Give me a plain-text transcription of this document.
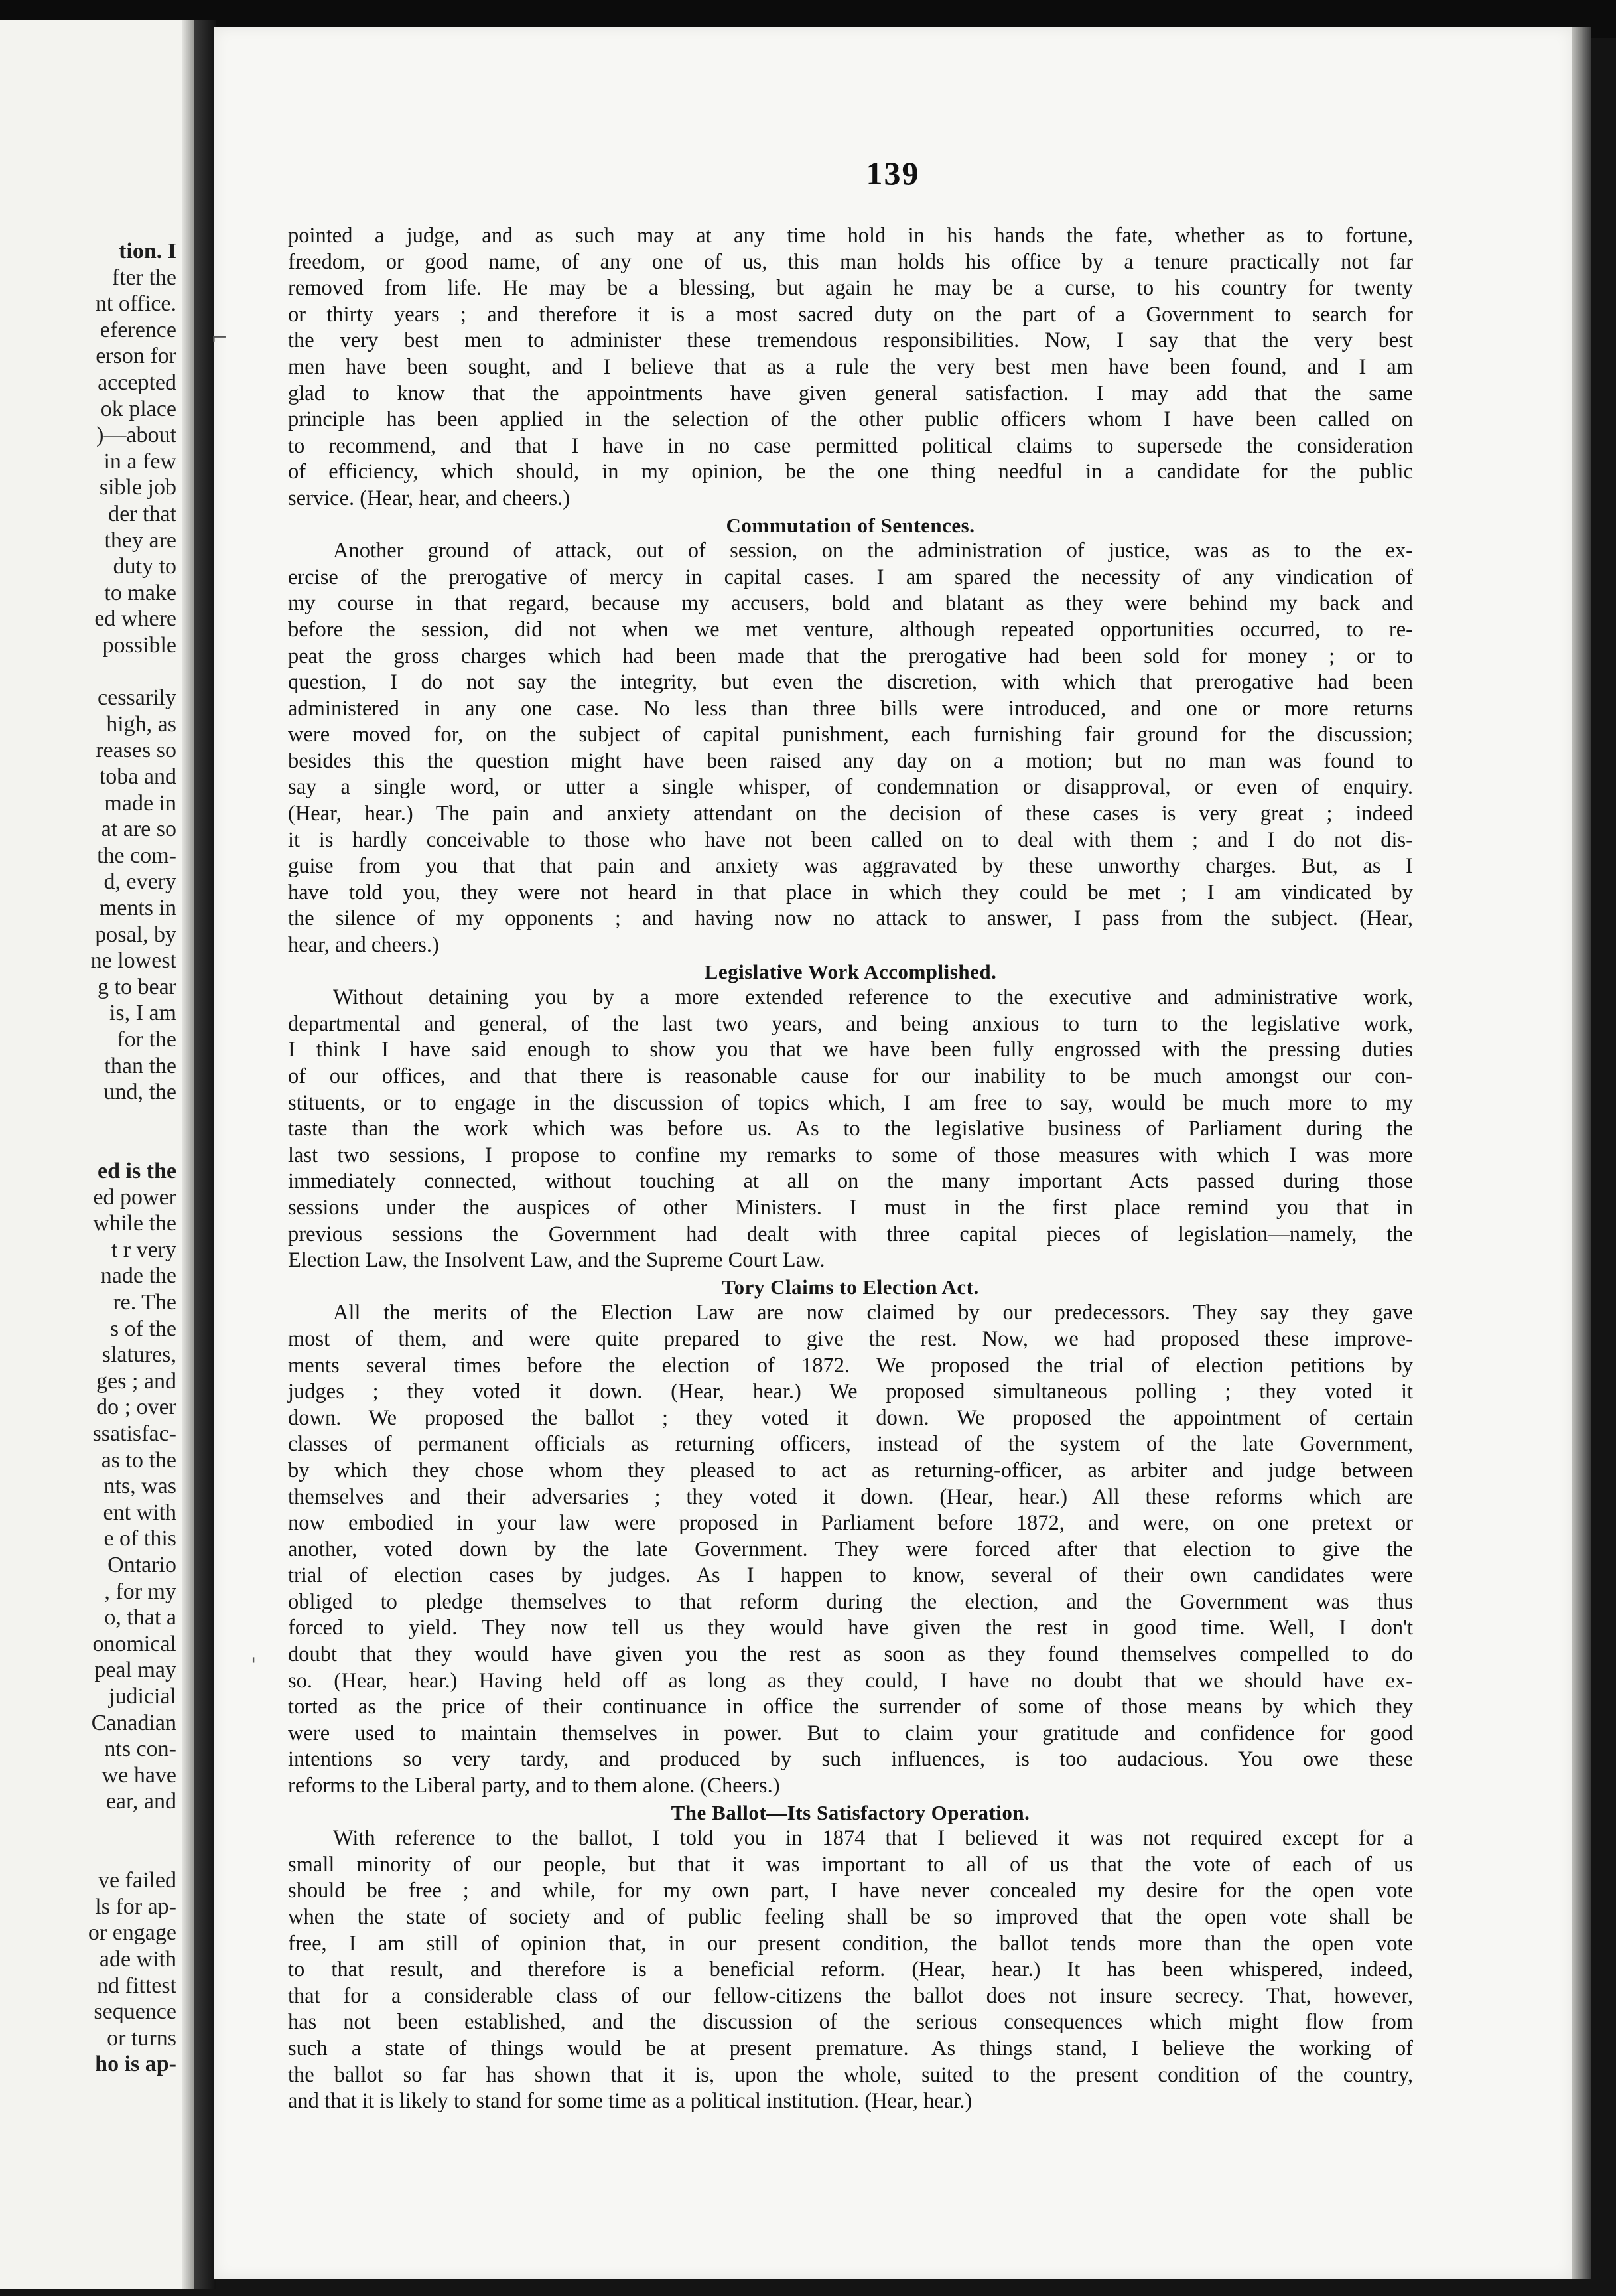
tion. I
fter the
nt office.
eference
erson for
accepted
ok place
)—about
in a few
sible job
der that
they are
duty to
to make
ed where
possible
cessarily
high, as
reases so
toba and
made in
at are so
the com-
d, every
ments in
posal, by
ne lowest
g to bear
is, I am
for the
than the
und, the
ed is the
ed power
while the
t r very
nade the
re. The
s of the
slatures,
ges ; and
do ; over
ssatisfac-
as to the
nts, was
ent with
e of this
Ontario
, for my
o, that a
onomical
peal may
judicial
Canadian
nts con-
we have
ear, and
ve failed
ls for ap-
or engage
ade with
nd fittest
sequence
or turns
ho is ap-
139
pointed a judge, and as such may at any time hold in his hands the fate, whether as to fortune,
freedom, or good name, of any one of us, this man holds his office by a tenure practically not far
removed from life. He may be a blessing, but again he may be a curse, to his country for twenty
or thirty years ; and therefore it is a most sacred duty on the part of a Government to search for
the very best men to administer these tremendous responsibilities. Now, I say that the very best
men have been sought, and I believe that as a rule the very best men have been found, and I am
glad to know that the appointments have given general satisfaction. I may add that the same
principle has been applied in the selection of the other public officers whom I have been called on
to recommend, and that I have in no case permitted political claims to supersede the consideration
of efficiency, which should, in my opinion, be the one thing needful in a candidate for the public
service. (Hear, hear, and cheers.)
Commutation of Sentences.
Another ground of attack, out of session, on the administration of justice, was as to the ex-
ercise of the prerogative of mercy in capital cases. I am spared the necessity of any vindication of
my course in that regard, because my accusers, bold and blatant as they were behind my back and
before the session, did not when we met venture, although repeated opportunities occurred, to re-
peat the gross charges which had been made that the prerogative had been sold for money ; or to
question, I do not say the integrity, but even the discretion, with which that prerogative had been
administered in any one case. No less than three bills were introduced, and one or more returns
were moved for, on the subject of capital punishment, each furnishing fair ground for the discussion;
besides this the question might have been raised any day on a motion; but no man was found to
say a single word, or utter a single whisper, of condemnation or disapproval, or even of enquiry.
(Hear, hear.) The pain and anxiety attendant on the decision of these cases is very great ; indeed
it is hardly conceivable to those who have not been called on to deal with them ; and I do not dis-
guise from you that that pain and anxiety was aggravated by these unworthy charges. But, as I
have told you, they were not heard in that place in which they could be met ; I am vindicated by
the silence of my opponents ; and having now no attack to answer, I pass from the subject. (Hear,
hear, and cheers.)
Legislative Work Accomplished.
Without detaining you by a more extended reference to the executive and administrative work,
departmental and general, of the last two years, and being anxious to turn to the legislative work,
I think I have said enough to show you that we have been fully engrossed with the pressing duties
of our offices, and that there is reasonable cause for our inability to be much amongst our con-
stituents, or to engage in the discussion of topics which, I am free to say, would be much more to my
taste than the work which was before us. As to the legislative business of Parliament during the
last two sessions, I propose to confine my remarks to some of those measures with which I was more
immediately connected, without touching at all on the many important Acts passed during those
sessions under the auspices of other Ministers. I must in the first place remind you that in
previous sessions the Government had dealt with three capital pieces of legislation—namely, the
Election Law, the Insolvent Law, and the Supreme Court Law.
Tory Claims to Election Act.
All the merits of the Election Law are now claimed by our predecessors. They say they gave
most of them, and were quite prepared to give the rest. Now, we had proposed these improve-
ments several times before the election of 1872. We proposed the trial of election petitions by
judges ; they voted it down. (Hear, hear.) We proposed simultaneous polling ; they voted it
down. We proposed the ballot ; they voted it down. We proposed the appointment of certain
classes of permanent officials as returning officers, instead of the system of the late Government,
by which they chose whom they pleased to act as returning-officer, as arbiter and judge between
themselves and their adversaries ; they voted it down. (Hear, hear.) All these reforms which are
now embodied in your law were proposed in Parliament before 1872, and were, on one pretext or
another, voted down by the late Government. They were forced after that election to give the
trial of election cases by judges. As I happen to know, several of their own candidates were
obliged to pledge themselves to that reform during the election, and the Government was thus
forced to yield. They now tell us they would have given the rest in good time. Well, I don't
doubt that they would have given you the rest as soon as they found themselves compelled to do
so. (Hear, hear.) Having held off as long as they could, I have no doubt that we should have ex-
torted as the price of their continuance in office the surrender of some of those means by which they
were used to maintain themselves in power. But to claim your gratitude and confidence for good
intentions so very tardy, and produced by such influences, is too audacious. You owe these
reforms to the Liberal party, and to them alone. (Cheers.)
The Ballot—Its Satisfactory Operation.
With reference to the ballot, I told you in 1874 that I believed it was not required except for a
small minority of our people, but that it was important to all of us that the vote of each of us
should be free ; and while, for my own part, I have never concealed my desire for the open vote
when the state of society and of public feeling shall be so improved that the open vote shall be
free, I am still of opinion that, in our present condition, the ballot tends more than the open vote
to that result, and therefore is a beneficial reform. (Hear, hear.) It has been whispered, indeed,
that for a considerable class of our fellow-citizens the ballot does not insure secrecy. That, however,
has not been established, and the discussion of the serious consequences which might flow from
such a state of things would be at present premature. As things stand, I believe the working of
the ballot so far has shown that it is, upon the whole, suited to the present condition of the country,
and that it is likely to stand for some time as a political institution. (Hear, hear.)
⌐
'
